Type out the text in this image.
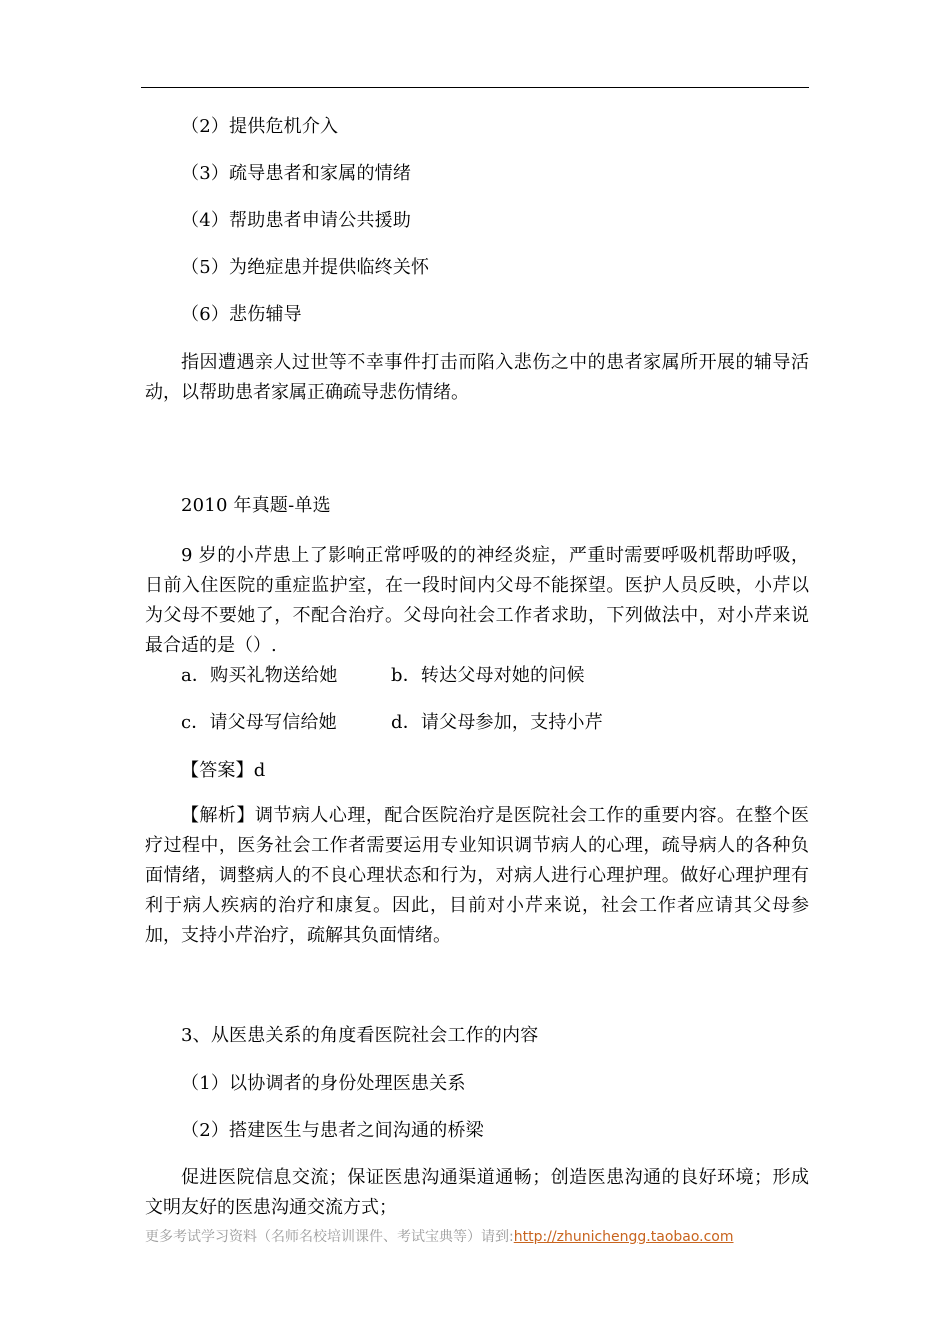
（2）提供危机介入
（3）疏导患者和家属的情绪
（4）帮助患者申请公共援助
（5）为绝症患并提供临终关怀
（6）悲伤辅导
指因遭遇亲人过世等不幸事件打击而陷入悲伤之中的患者家属所开展的辅导活动，以帮助患者家属正确疏导悲伤情绪。
2010 年真题-单选
9 岁的小芹患上了影响正常呼吸的的神经炎症，严重时需要呼吸机帮助呼吸，日前入住医院的重症监护室，在一段时间内父母不能探望。医护人员反映，小芹以为父母不要她了，不配合治疗。父母向社会工作者求助，下列做法中，对小芹来说最合适的是（）.
a．购买礼物送给她	b．转达父母对她的问候
c．请父母写信给她	d．请父母参加，支持小芹
【答案】d
【解析】调节病人心理，配合医院治疗是医院社会工作的重要内容。在整个医疗过程中，医务社会工作者需要运用专业知识调节病人的心理，疏导病人的各种负面情绪，调整病人的不良心理状态和行为，对病人进行心理护理。做好心理护理有利于病人疾病的治疗和康复。因此，目前对小芹来说，社会工作者应请其父母参加，支持小芹治疗，疏解其负面情绪。
3、从医患关系的角度看医院社会工作的内容
（1）以协调者的身份处理医患关系
（2）搭建医生与患者之间沟通的桥梁
促进医院信息交流；保证医患沟通渠道通畅；创造医患沟通的良好环境；形成文明友好的医患沟通交流方式；
更多考试学习资料（名师名校培训课件、考试宝典等）请到:http://zhunichengg.taobao.com
